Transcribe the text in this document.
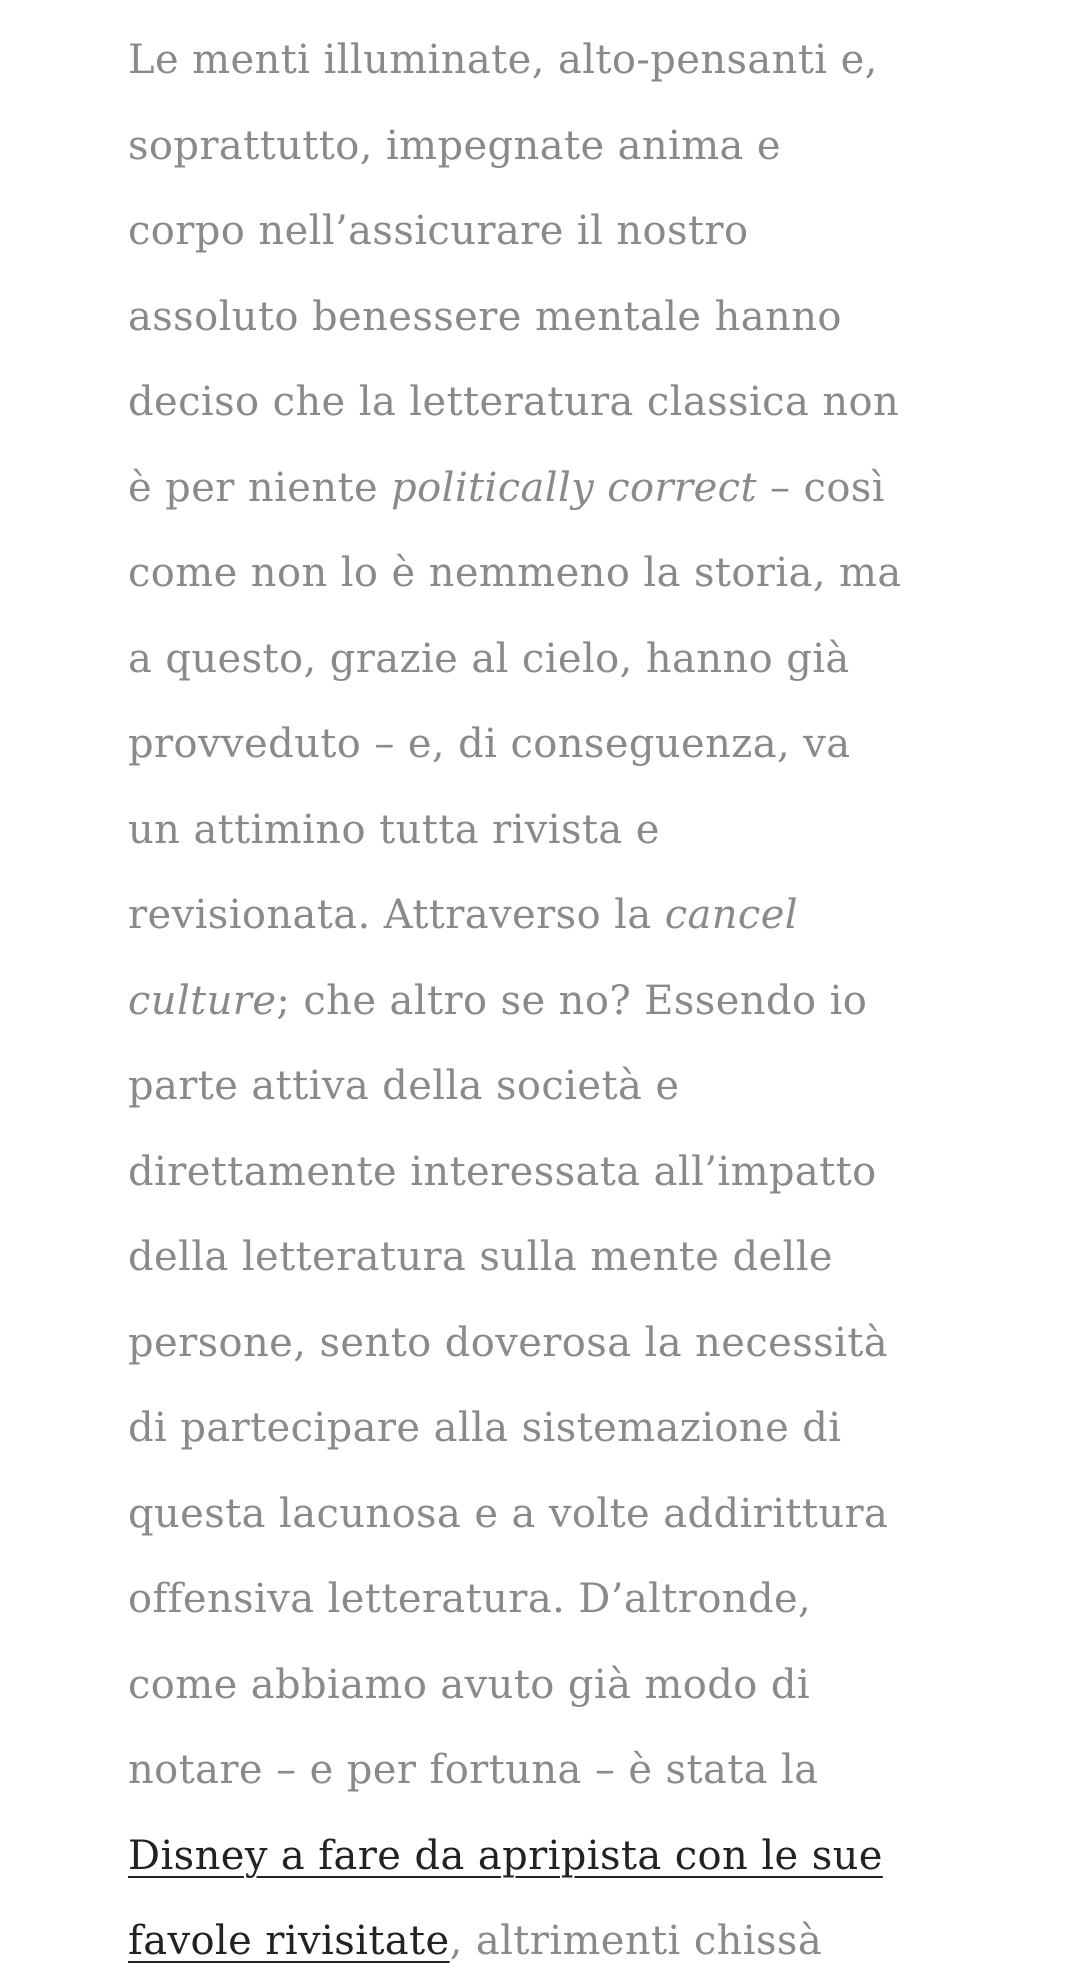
Le menti illuminate, alto-pensanti e,
soprattutto, impegnate anima e
corpo nell’assicurare il nostro
assoluto benessere mentale hanno
deciso che la letteratura classica non
è per niente politically correct – così
come non lo è nemmeno la storia, ma
a questo, grazie al cielo, hanno già
provveduto – e, di conseguenza, va
un attimino tutta rivista e
revisionata. Attraverso la cancel
culture; che altro se no? Essendo io
parte attiva della società e
direttamente interessata all’impatto
della letteratura sulla mente delle
persone, sento doverosa la necessità
di partecipare alla sistemazione di
questa lacunosa e a volte addirittura
offensiva letteratura. D’altronde,
come abbiamo avuto già modo di
notare – e per fortuna – è stata la
Disney a fare da apripista con le sue
favole rivisitate, altrimenti chissà
